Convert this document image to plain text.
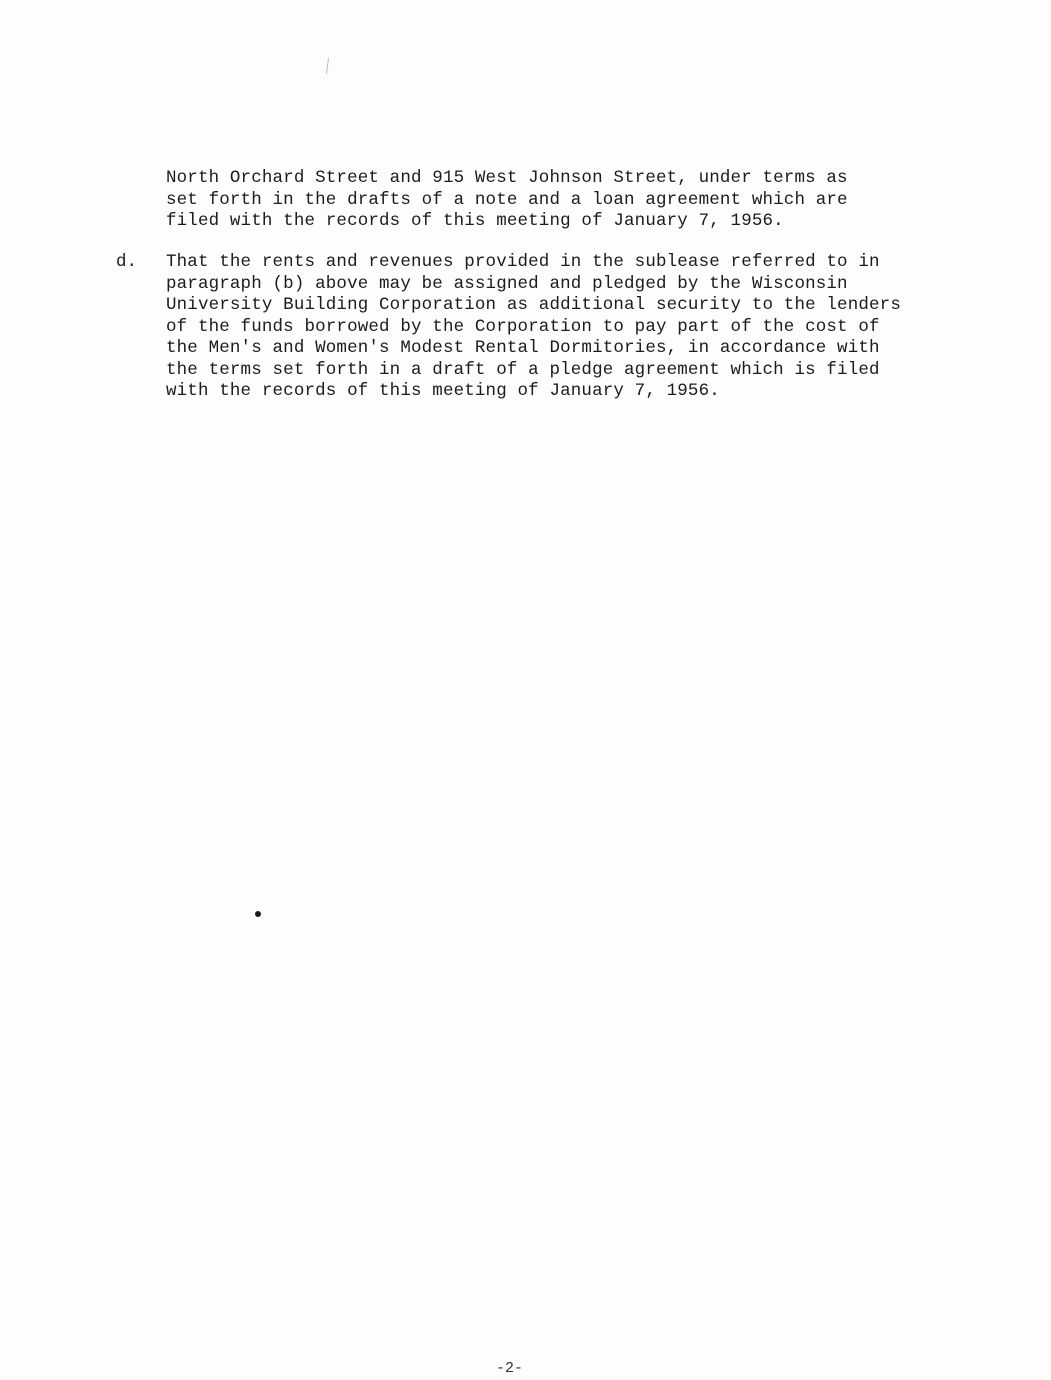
North Orchard Street and 915 West Johnson Street, under terms as
set forth in the drafts of a note and a loan agreement which are
filed with the records of this meeting of January 7, 1956.
d. That the rents and revenues provided in the sublease referred to in
paragraph (b) above may be assigned and pledged by the Wisconsin
University Building Corporation as additional security to the lenders
of the funds borrowed by the Corporation to pay part of the cost of
the Men's and Women's Modest Rental Dormitories, in accordance with
the terms set forth in a draft of a pledge agreement which is filed
with the records of this meeting of January 7, 1956.
-2-
